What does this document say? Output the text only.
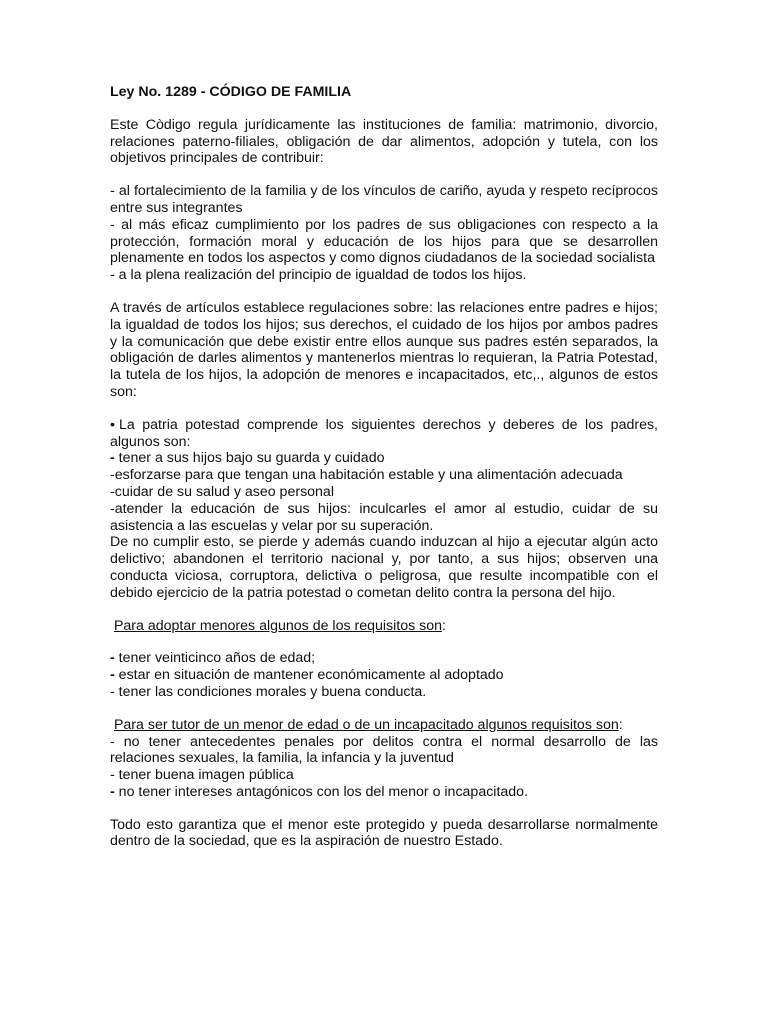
Ley No. 1289 - CÓDIGO DE FAMILIA

Este Còdigo regula jurídicamente las instituciones de familia: matrimonio, divorcio, relaciones paterno-filiales, obligación de dar alimentos, adopción y tutela, con los objetivos principales de contribuir:

- al fortalecimiento de la familia y de los vínculos de cariño, ayuda y respeto recíprocos entre sus integrantes

- al más eficaz cumplimiento por los padres de sus obligaciones con respecto a la protección, formación moral y educación de los hijos para que se desarrollen plenamente en todos los aspectos y como dignos ciudadanos de la sociedad socialista

- a la plena realización del principio de igualdad de todos los hijos.

A través de artículos establece regulaciones sobre: las relaciones entre padres e hijos; la igualdad de todos los hijos; sus derechos, el cuidado de los hijos por ambos padres y la comunicación que debe existir entre ellos aunque sus padres estén separados, la obligación de darles alimentos y mantenerlos mientras lo requieran, la Patria Potestad, la tutela de los hijos, la adopción de menores e incapacitados, etc,., algunos de estos son:

• La patria potestad comprende los siguientes derechos y deberes de los padres, algunos son:

- tener a sus hijos bajo su guarda y cuidado

-esforzarse para que tengan una habitación estable y una alimentación adecuada

-cuidar de su salud y aseo personal

-atender la educación de sus hijos: inculcarles el amor al estudio, cuidar de su asistencia a las escuelas y velar por su superación.

De no cumplir esto, se pierde y además cuando induzcan al hijo a ejecutar algún acto delictivo; abandonen el territorio nacional y, por tanto, a sus hijos; observen una conducta viciosa, corruptora, delictiva o peligrosa, que resulte incompatible con el debido ejercicio de la patria potestad o cometan delito contra la persona del hijo.

Para adoptar menores algunos de los requisitos son:

- tener veinticinco años de edad;

- estar en situación de mantener económicamente al adoptado

- tener las condiciones morales y buena conducta.

Para ser tutor de un menor de edad o de un incapacitado algunos requisitos son:

- no tener antecedentes penales por delitos contra el normal desarrollo de las relaciones sexuales, la familia, la infancia y la juventud

- tener buena imagen pública

- no tener intereses antagónicos con los del menor o incapacitado.

Todo esto garantiza que el menor este protegido y pueda desarrollarse normalmente dentro de la sociedad, que es la aspiración de nuestro Estado.
